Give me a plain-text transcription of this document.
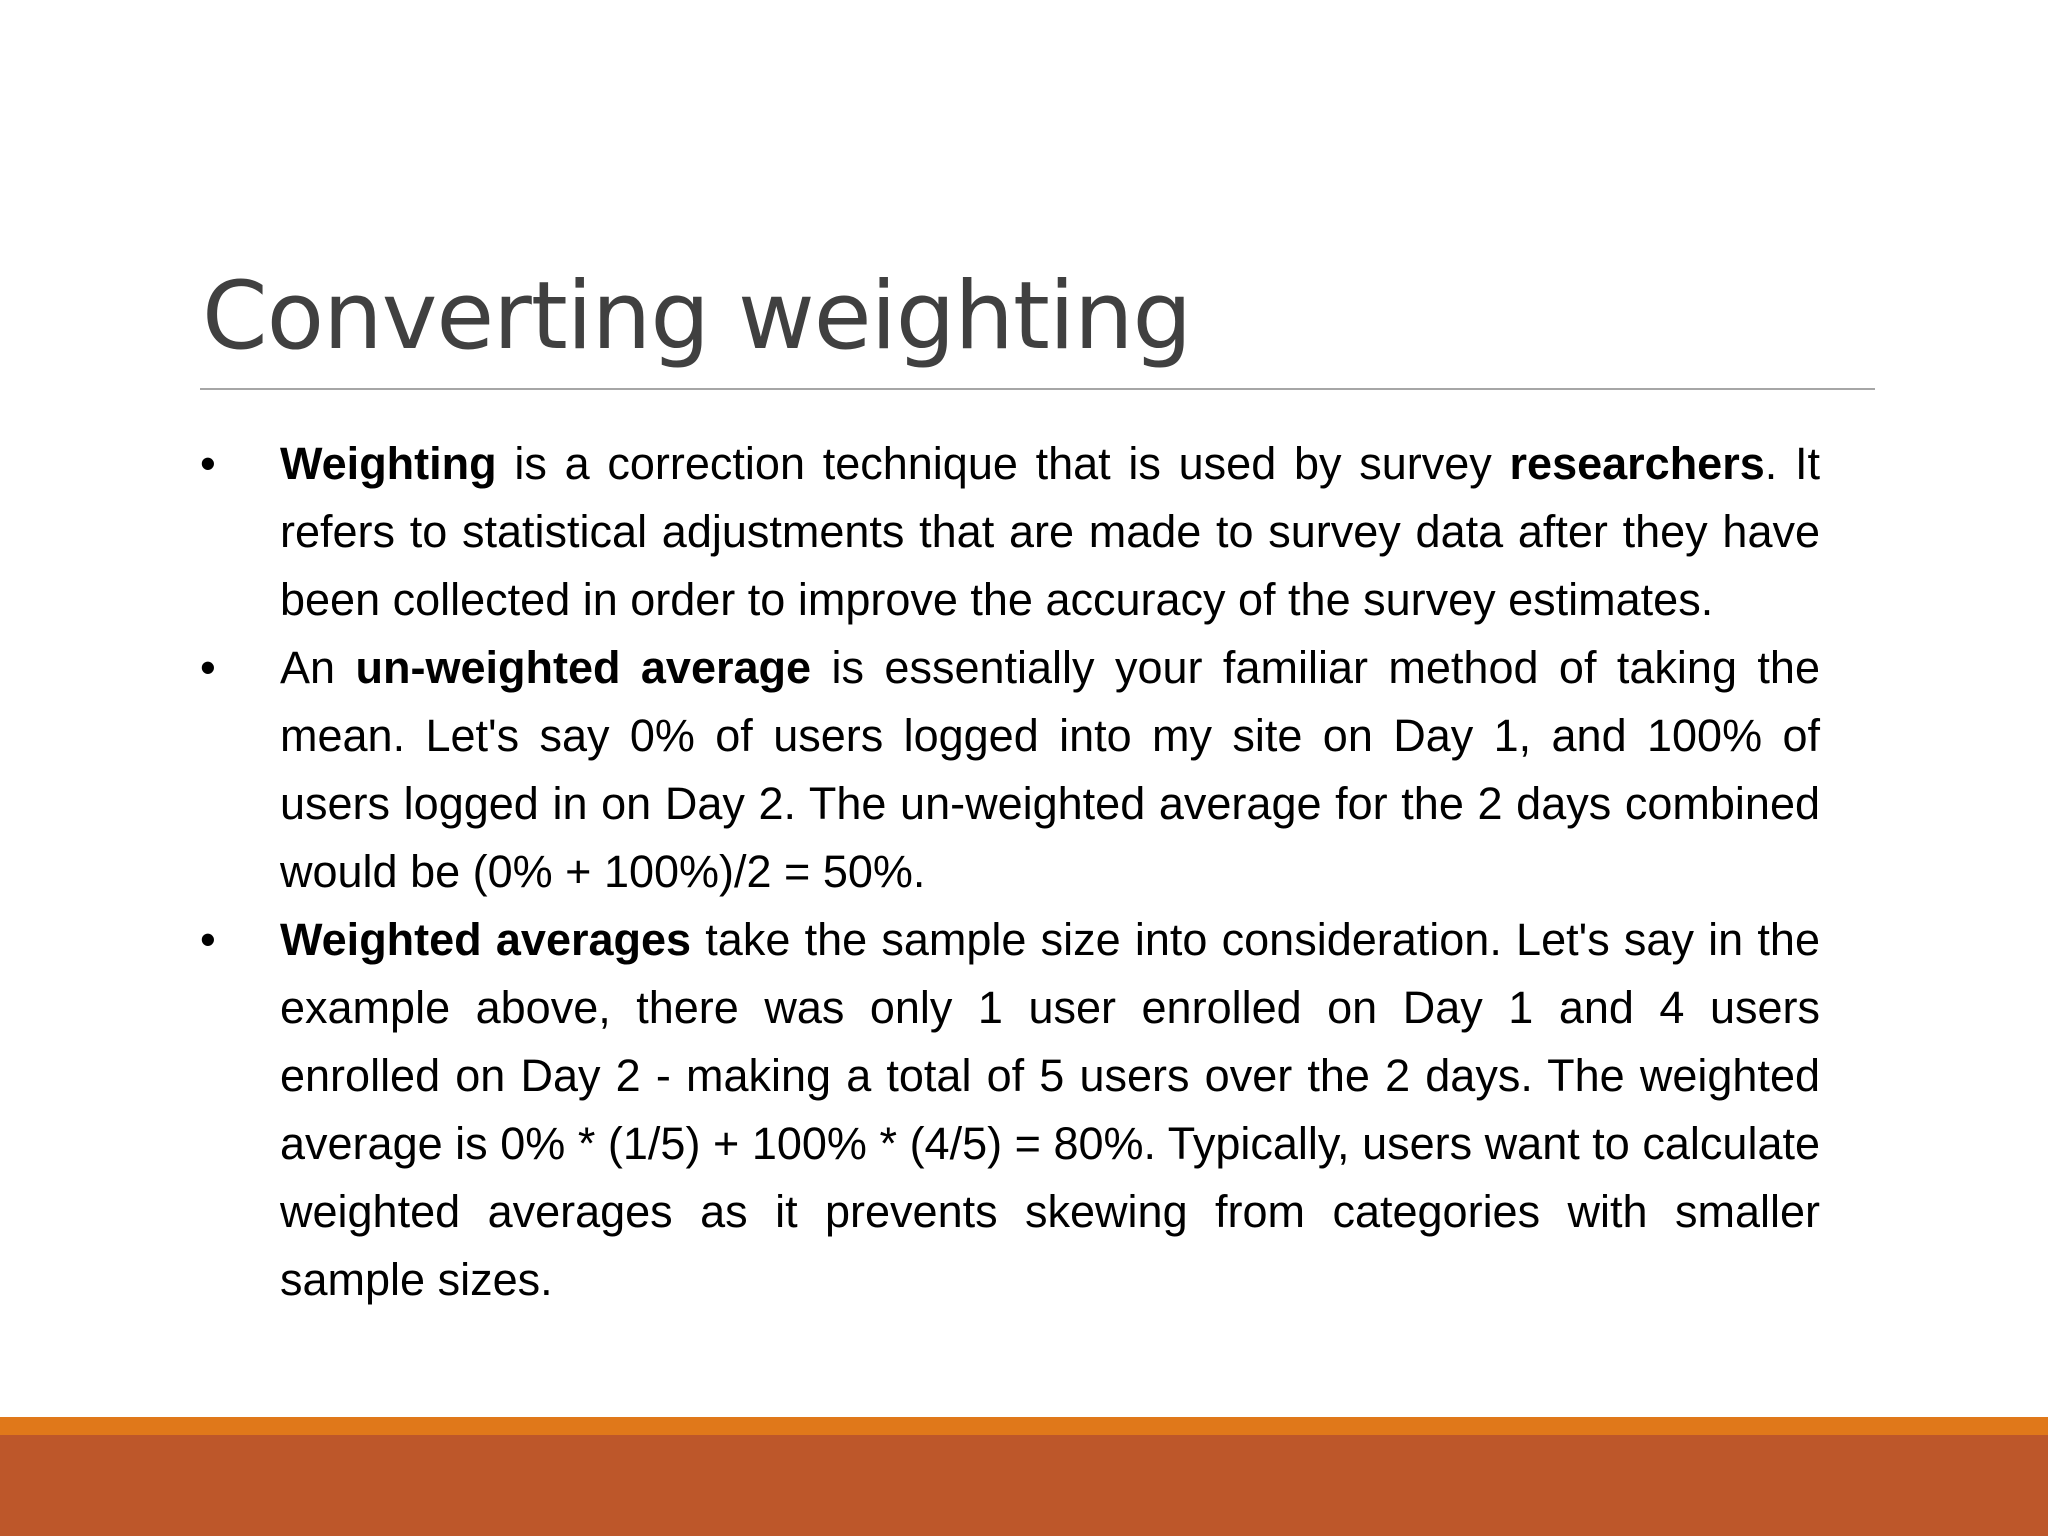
Converting weighting
•	Weighting is a correction technique that is used by survey researchers. It refers to statistical adjustments that are made to survey data after they have been collected in order to improve the accuracy of the survey estimates.
•	An un-weighted average is essentially your familiar method of taking the mean. Let's say 0% of users logged into my site on Day 1, and 100% of users logged in on Day 2. The un-weighted average for the 2 days combined would be (0% + 100%)/2 = 50%.
•	Weighted averages take the sample size into consideration. Let's say in the example above, there was only 1 user enrolled on Day 1 and 4 users enrolled on Day 2 - making a total of 5 users over the 2 days. The weighted average is 0% * (1/5) + 100% * (4/5) = 80%. Typically, users want to calculate weighted averages as it prevents skewing from categories with smaller sample sizes.
